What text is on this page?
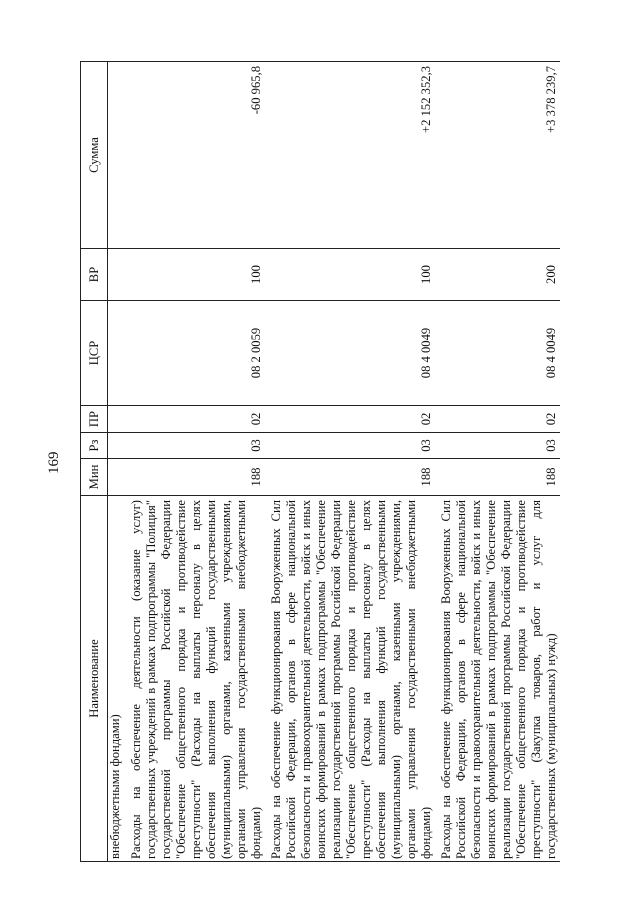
169
Наименование	Мин	Рз	ПР	ЦСР	ВР	Сумма
внебюджетными фондами)						
Расходы на обеспечение деятельности (оказание услуг) государственных учреждений в рамках подпрограммы "Полиция" государственной программы Российской Федерации "Обеспечение общественного порядка и противодействие преступности" (Расходы на выплаты персоналу в целях обеспечения выполнения функций государственными (муниципальными) органами, казенными учреждениями, органами управления государственными внебюджетными фондами)	188	03	02	08 2 0059	100	-60 965,8
Расходы на обеспечение функционирования Вооруженных Сил Российской Федерации, органов в сфере национальной безопасности и правоохранительной деятельности, войск и иных воинских формирований в рамках подпрограммы "Обеспечение реализации государственной программы Российской Федерации "Обеспечение общественного порядка и противодействие преступности" (Расходы на выплаты персоналу в целях обеспечения выполнения функций государственными (муниципальными) органами, казенными учреждениями, органами управления государственными внебюджетными фондами)	188	03	02	08 4 0049	100	+2 152 352,3
Расходы на обеспечение функционирования Вооруженных Сил Российской Федерации, органов в сфере национальной безопасности и правоохранительной деятельности, войск и иных воинских формирований в рамках подпрограммы "Обеспечение реализации государственной программы Российской Федерации "Обеспечение общественного порядка и противодействие преступности" (Закупка товаров, работ и услуг для государственных (муниципальных) нужд)	188	03	02	08 4 0049	200	+3 378 239,7
